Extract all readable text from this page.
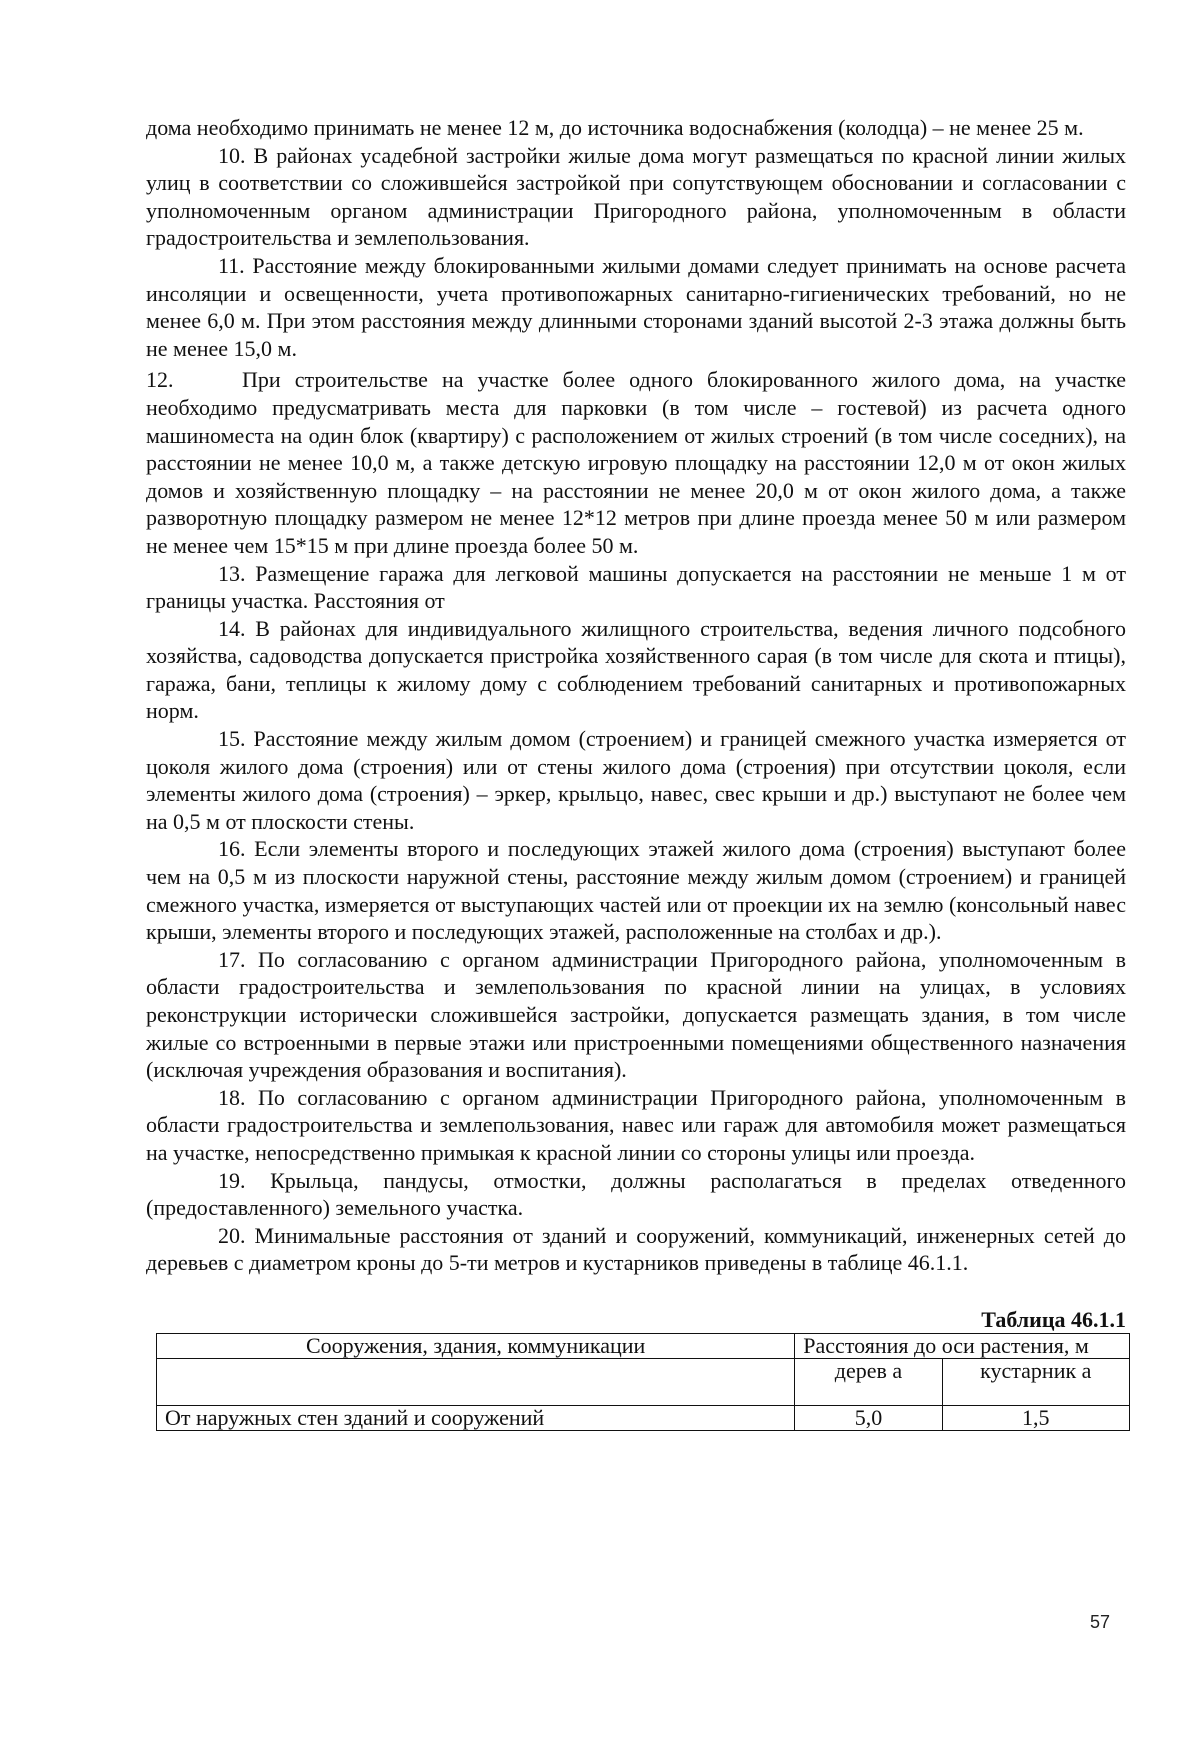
дома необходимо принимать не менее 12 м, до источника водоснабжения (колодца) – не менее 25 м.

10. В районах усадебной застройки жилые дома могут размещаться по красной линии жилых улиц в соответствии со сложившейся застройкой при сопутствующем обосновании и согласовании с уполномоченным органом администрации Пригородного района, уполномоченным в области градостроительства и землепользования.

11. Расстояние между блокированными жилыми домами следует принимать на основе расчета инсоляции и освещенности, учета противопожарных санитарно-гигиенических требований, но не менее 6,0 м. При этом расстояния между длинными сторонами зданий высотой 2-3 этажа должны быть не менее 15,0 м.

12.	При строительстве на участке более одного блокированного жилого дома, на участке необходимо предусматривать места для парковки (в том числе – гостевой) из расчета одного машиноместа на один блок (квартиру) с расположением от жилых строений (в том числе соседних), на расстоянии не менее 10,0 м, а также детскую игровую площадку на расстоянии 12,0 м от окон жилых домов и хозяйственную площадку – на расстоянии не менее 20,0 м от окон жилого дома, а также разворотную площадку размером не менее 12*12 метров при длине проезда менее 50 м или размером не менее чем 15*15 м при длине проезда более 50 м.

13. Размещение гаража для легковой машины допускается на расстоянии не меньше 1 м от границы участка. Расстояния от

14. В районах для индивидуального жилищного строительства, ведения личного подсобного хозяйства, садоводства допускается пристройка хозяйственного сарая (в том числе для скота и птицы), гаража, бани, теплицы к жилому дому с соблюдением требований санитарных и противопожарных норм.

15. Расстояние между жилым домом (строением) и границей смежного участка измеряется от цоколя жилого дома (строения) или от стены жилого дома (строения) при отсутствии цоколя, если элементы жилого дома (строения) – эркер, крыльцо, навес, свес крыши и др.) выступают не более чем на 0,5 м от плоскости стены.

16. Если элементы второго и последующих этажей жилого дома (строения) выступают более чем на 0,5 м из плоскости наружной стены, расстояние между жилым домом (строением) и границей смежного участка, измеряется от выступающих частей или от проекции их на землю (консольный навес крыши, элементы второго и последующих этажей, расположенные на столбах и др.).

17. По согласованию с органом администрации Пригородного района, уполномоченным в области градостроительства и землепользования по красной линии на улицах, в условиях реконструкции исторически сложившейся застройки, допускается размещать здания, в том числе жилые со встроенными в первые этажи или пристроенными помещениями общественного назначения (исключая учреждения образования и воспитания).

18. По согласованию с органом администрации Пригородного района, уполномоченным в области градостроительства и землепользования, навес или гараж для автомобиля может размещаться на участке, непосредственно примыкая к красной линии со стороны улицы или проезда.

19. Крыльца, пандусы, отмостки, должны располагаться в пределах отведенного (предоставленного) земельного участка.

20. Минимальные расстояния от зданий и сооружений, коммуникаций, инженерных сетей до деревьев с диаметром кроны до 5-ти метров и кустарников приведены в таблице 46.1.1.

Таблица 46.1.1
Сооружения, здания, коммуникации	Расстояния до оси растения, м	

	дерев а	кустарник а
От наружных стен зданий и сооружений	5,0	1,5
57
